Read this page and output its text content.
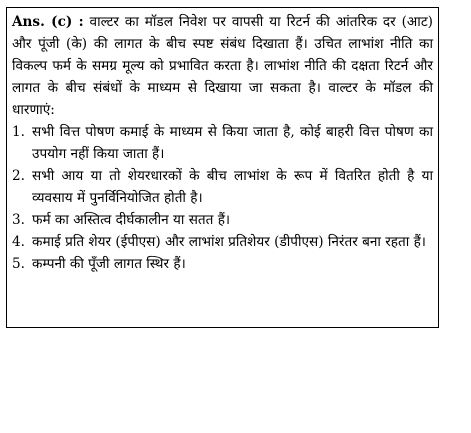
Ans. (c) : वाल्टर का मॉडल निवेश पर वापसी या रिटर्न की आंतरिक दर (आट) और पूंजी (के) की लागत के बीच स्पष्ट संबंध दिखाता हैं। उचित लाभांश नीति का विकल्प फर्म के समग्र मूल्य को प्रभावित करता है। लाभांश नीति की दक्षता रिटर्न और लागत के बीच संबंधों के माध्यम से दिखाया जा सकता है। वाल्टर के मॉडल की धारणाएं:

1. सभी वित्त पोषण कमाई के माध्यम से किया जाता है, कोई बाहरी वित्त पोषण का उपयोग नहीं किया जाता हैं।
2. सभी आय या तो शेयरधारकों के बीच लाभांश के रूप में वितरित होती है या व्यवसाय में पुनर्विनियोजित होती है।
3. फर्म का अस्तित्व दीर्घकालीन या सतत हैं।
4. कमाई प्रति शेयर (ईपीएस) और लाभांश प्रतिशेयर (डीपीएस) निरंतर बना रहता हैं।
5. कम्पनी की पूँजी लागत स्थिर हैं।
